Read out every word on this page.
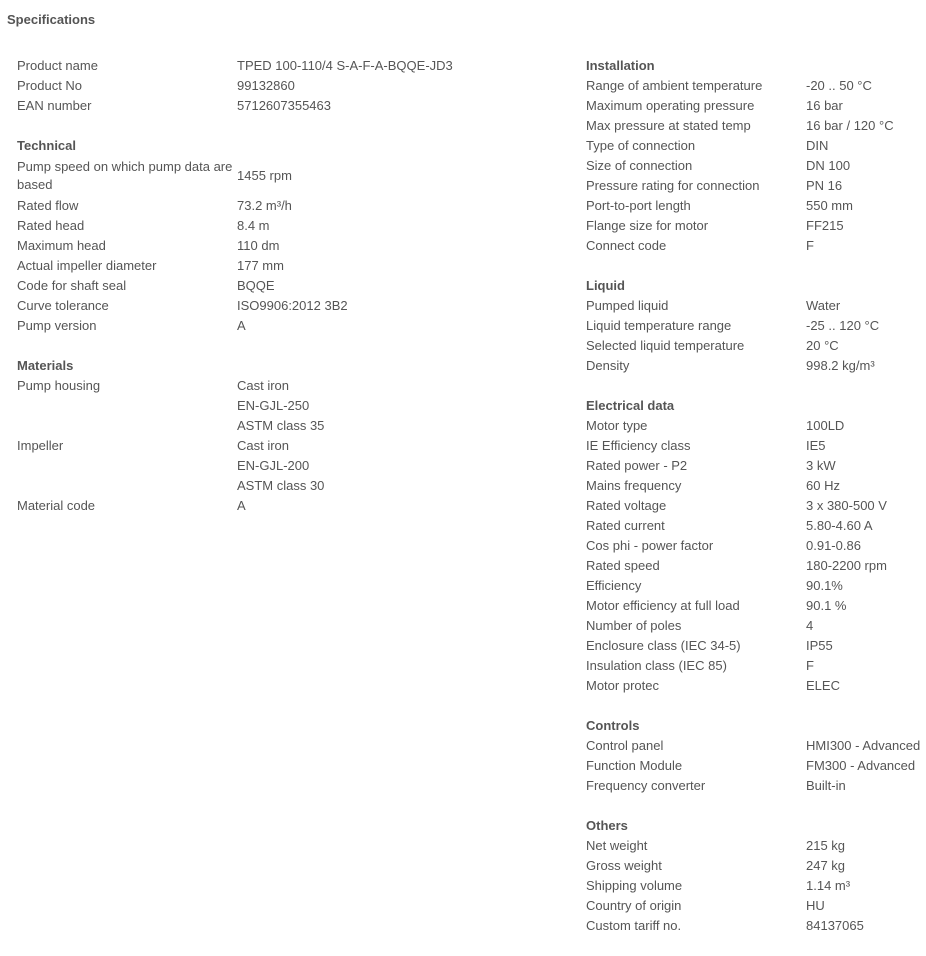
Specifications
Product name	TPED 100-110/4 S-A-F-A-BQQE-JD3
Product No	99132860
EAN number	5712607355463
Technical
Pump speed on which pump data are based
1455 rpm
Rated flow	73.2 m³/h
Rated head	8.4 m
Maximum head	110 dm
Actual impeller diameter	177 mm
Code for shaft seal	BQQE
Curve tolerance	ISO9906:2012 3B2
Pump version	A
Materials
Pump housing	Cast iron
EN-GJL-250
ASTM class 35
Impeller	Cast iron
EN-GJL-200
ASTM class 30
Material code	A
Installation
Range of ambient temperature	-20 .. 50 °C
Maximum operating pressure	16 bar
Max pressure at stated temp	16 bar / 120 °C
Type of connection	DIN
Size of connection	DN 100
Pressure rating for connection	PN 16
Port-to-port length	550 mm
Flange size for motor	FF215
Connect code	F
Liquid
Pumped liquid	Water
Liquid temperature range	-25 .. 120 °C
Selected liquid temperature	20 °C
Density	998.2 kg/m³
Electrical data
Motor type	100LD
IE Efficiency class	IE5
Rated power - P2	3 kW
Mains frequency	60 Hz
Rated voltage	3 x 380-500 V
Rated current	5.80-4.60 A
Cos phi - power factor	0.91-0.86
Rated speed	180-2200 rpm
Efficiency	90.1%
Motor efficiency at full load	90.1 %
Number of poles	4
Enclosure class (IEC 34-5)	IP55
Insulation class (IEC 85)	F
Motor protec	ELEC
Controls
Control panel	HMI300 - Advanced
Function Module	FM300 - Advanced
Frequency converter	Built-in
Others
Net weight	215 kg
Gross weight	247 kg
Shipping volume	1.14 m³
Country of origin	HU
Custom tariff no.	84137065
